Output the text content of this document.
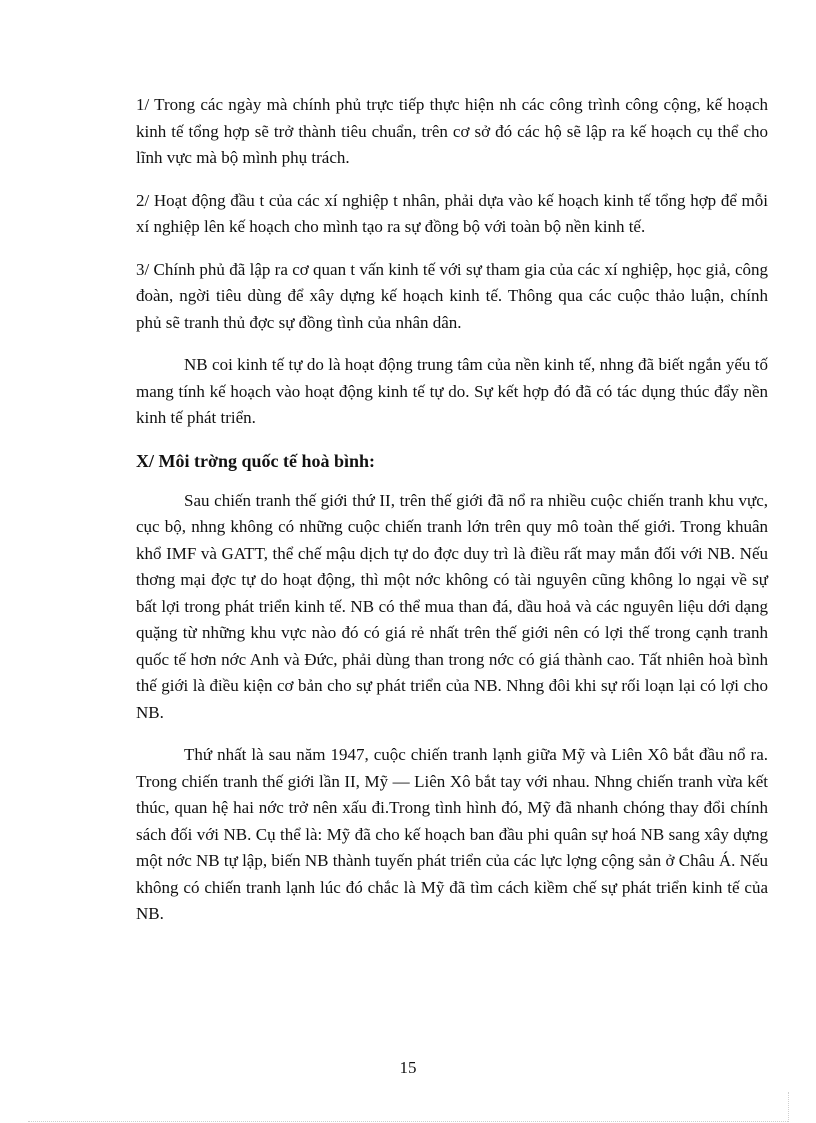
1/ Trong các ngày mà chính phủ trực tiếp thực hiện nh các công trình công cộng, kế hoạch kinh tế tổng hợp sẽ trở thành tiêu chuẩn, trên cơ sở đó các hộ sẽ lập ra kế hoạch cụ thể cho lĩnh vực mà bộ mình phụ trách.

2/ Hoạt động đầu t của các xí nghiệp t nhân, phải dựa vào kế hoạch kinh tế tổng hợp để mỗi xí nghiệp lên kế hoạch cho mình tạo ra sự đồng bộ với toàn bộ nền kinh tế.

3/ Chính phủ đã lập ra cơ quan t vấn kinh tế với sự tham gia của các xí nghiệp, học giả, công đoàn, ngời tiêu dùng để xây dựng kế hoạch kinh tế. Thông qua các cuộc thảo luận, chính phủ sẽ tranh thủ đợc sự đồng tình của nhân dân.

NB coi kinh tế tự do là hoạt động trung tâm của nền kinh tế, nhng đã biết ngắn yếu tố mang tính kế hoạch vào hoạt động kinh tế tự do. Sự kết hợp đó đã có tác dụng thúc đẩy nền kinh tế phát triển.

X/ Môi trờng quốc tế hoà bình:

Sau chiến tranh thế giới thứ II, trên thế giới đã nổ ra nhiều cuộc chiến tranh khu vực, cục bộ, nhng không có những cuộc chiến tranh lớn trên quy mô toàn thế giới. Trong khuân khổ IMF và GATT, thể chế mậu dịch tự do đợc duy trì là điều rất may mắn đối với NB. Nếu thơng mại đợc tự do hoạt động, thì một nớc không có tài nguyên cũng không lo ngại về sự bất lợi trong phát triển kinh tế. NB có thể mua than đá, dầu hoả và các nguyên liệu dới dạng quặng từ những khu vực nào đó có giá rẻ nhất trên thế giới nên có lợi thế trong cạnh tranh quốc tế hơn nớc Anh và Đức, phải dùng than trong nớc có giá thành cao. Tất nhiên hoà bình thế giới là điều kiện cơ bản cho sự phát triển của NB. Nhng đôi khi sự rối loạn lại có lợi cho NB.

Thứ nhất là sau năm 1947, cuộc chiến tranh lạnh giữa Mỹ và Liên Xô bắt đầu nổ ra. Trong chiến tranh thế giới lần II, Mỹ — Liên Xô bắt tay với nhau. Nhng chiến tranh vừa kết thúc, quan hệ hai nớc trở nên xấu đi.Trong tình hình đó, Mỹ đã nhanh chóng thay đổi chính sách đối với NB. Cụ thể là: Mỹ đã cho kế hoạch ban đầu phi quân sự hoá NB sang xây dựng một nớc NB tự lập, biến NB thành tuyến phát triển của các lực lợng cộng sản ở Châu Á. Nếu không có chiến tranh lạnh lúc đó chắc là Mỹ đã tìm cách kiềm chế sự phát triển kinh tế của NB.

15
